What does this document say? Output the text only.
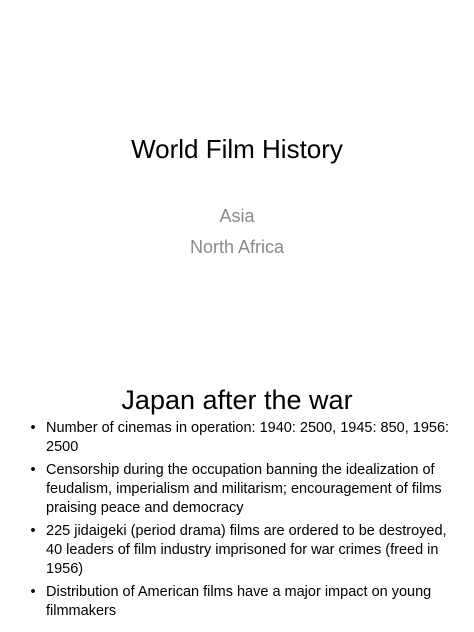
World Film History
Asia
North Africa
Japan after the war
• Number of cinemas in operation: 1940: 2500, 1945: 850, 1956: 2500
• Censorship during the occupation banning the idealization of feudalism, imperialism and militarism; encouragement of films praising peace and democracy
• 225 jidaigeki (period drama) films are ordered to be destroyed, 40 leaders of film industry imprisoned for war crimes (freed in 1956)
• Distribution of American films have a major impact on young filmmakers
